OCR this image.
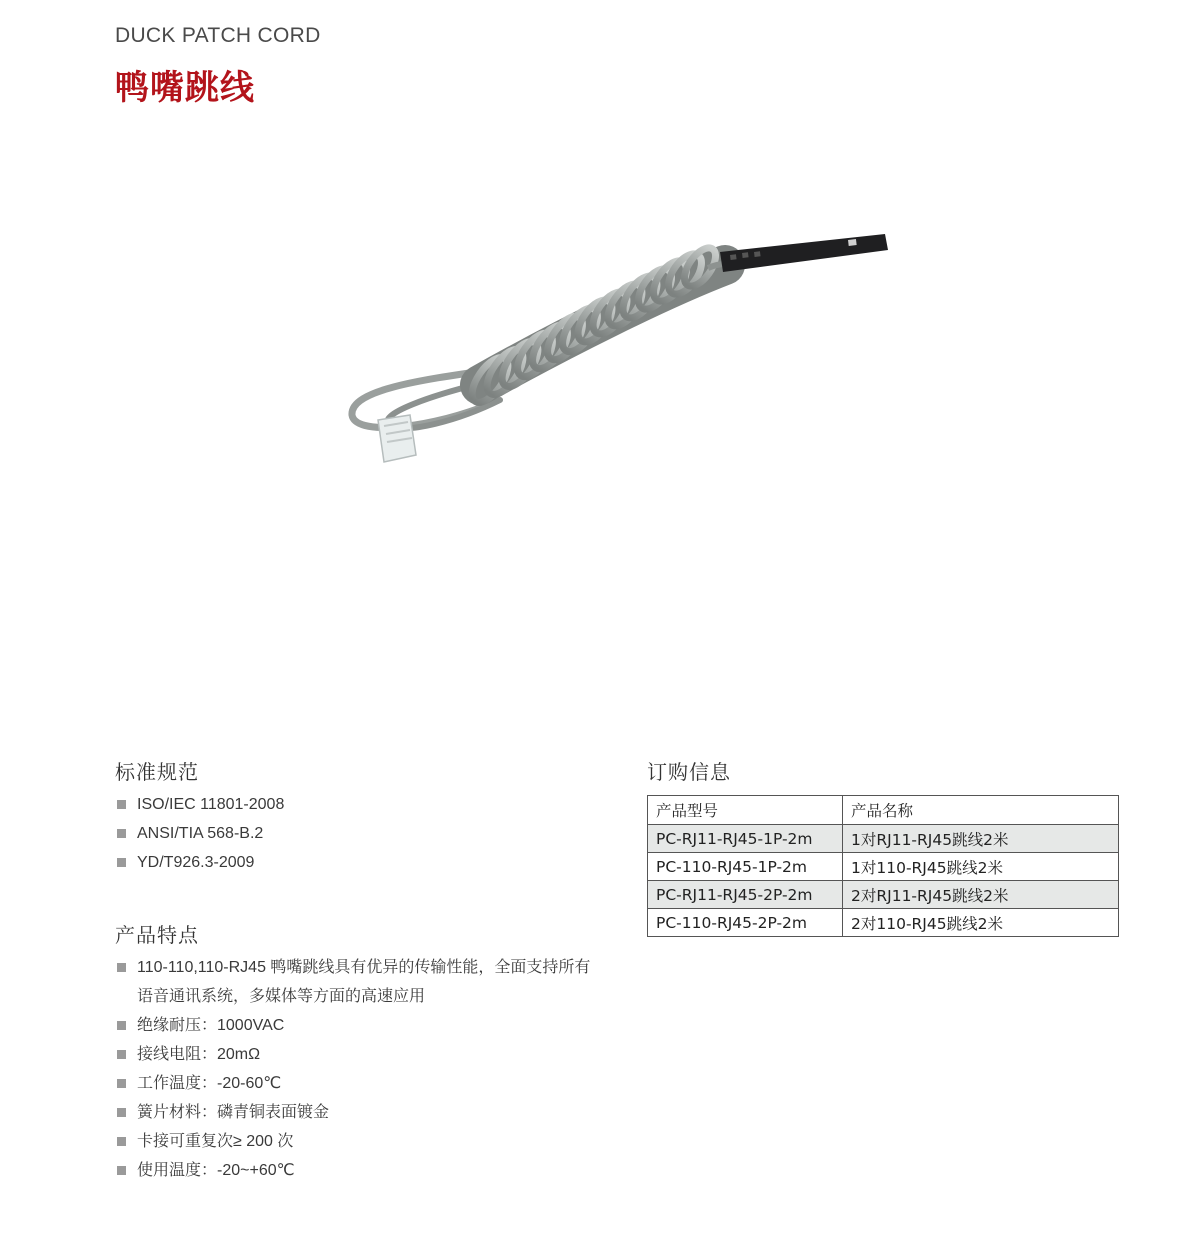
DUCK PATCH CORD
鸭嘴跳线
标准规范
ISO/IEC 11801-2008
ANSI/TIA 568-B.2
YD/T926.3-2009
产品特点
110-110,110-RJ45 鸭嘴跳线具有优异的传输性能，全面支持所有语音通讯系统，多媒体等方面的高速应用
绝缘耐压：1000VAC
接线电阻：20mΩ
工作温度：-20-60℃
簧片材料：磷青铜表面镀金
卡接可重复次≥ 200 次
使用温度：-20~+60℃
订购信息
产品型号	产品名称
PC-RJ11-RJ45-1P-2m	1对RJ11-RJ45跳线2米
PC-110-RJ45-1P-2m	1对110-RJ45跳线2米
PC-RJ11-RJ45-2P-2m	2对RJ11-RJ45跳线2米
PC-110-RJ45-2P-2m	2对110-RJ45跳线2米
